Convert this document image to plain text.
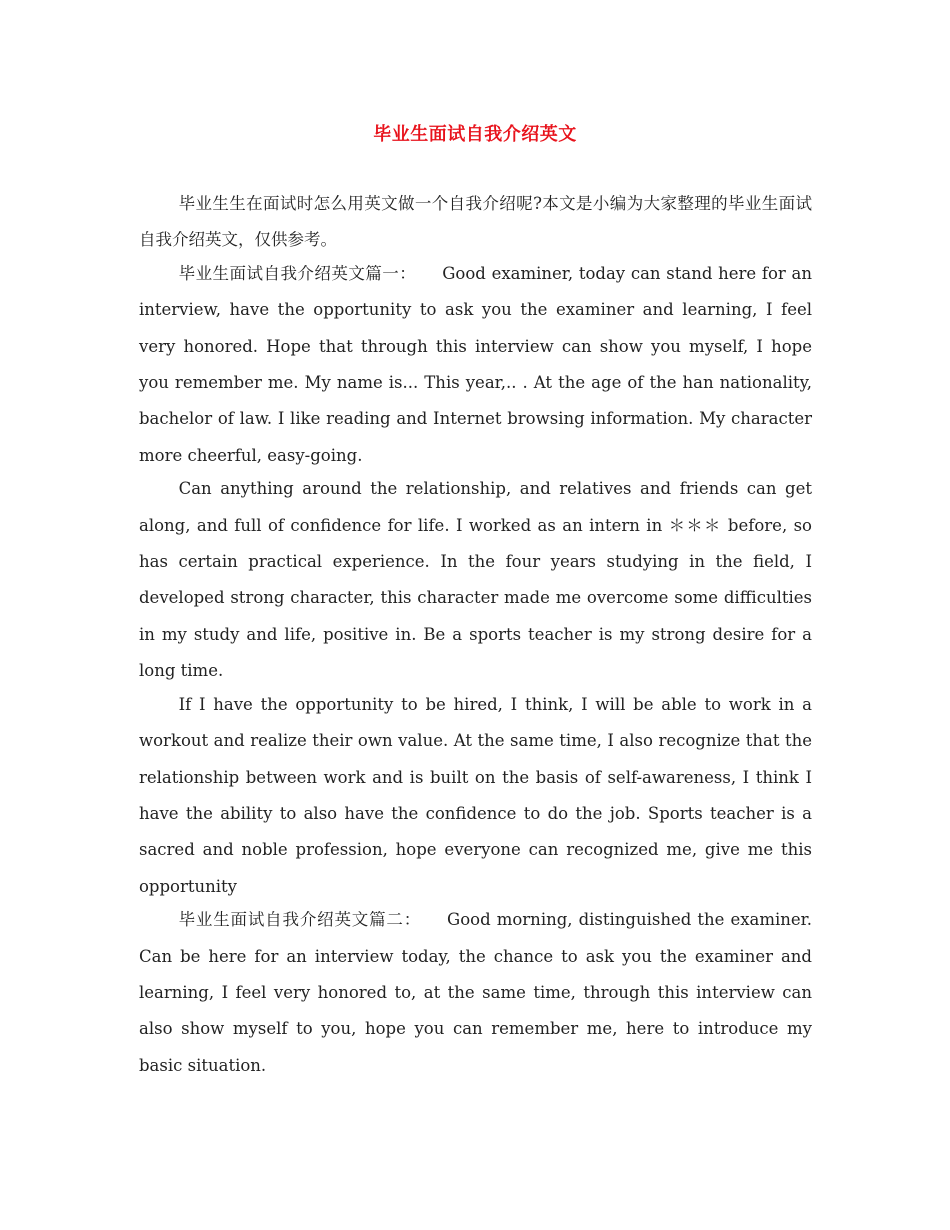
毕业生面试自我介绍英文

毕业生生在面试时怎么用英文做一个自我介绍呢?本文是小编为大家整理的毕业生面试自我介绍英文，仅供参考。

毕业生面试自我介绍英文篇一： Good examiner, today can stand here for an interview, have the opportunity to ask you the examiner and learning, I feel very honored. Hope that through this interview can show you myself, I hope you remember me. My name is... This year,.. . At the age of the han nationality, bachelor of law. I like reading and Internet browsing information. My character more cheerful, easy-going.

Can anything around the relationship, and relatives and friends can get along, and full of confidence for life. I worked as an intern in ＊＊＊ before, so has certain practical experience. In the four years studying in the field, I developed strong character, this character made me overcome some difficulties in my study and life, positive in. Be a sports teacher is my strong desire for a long time.

If I have the opportunity to be hired, I think, I will be able to work in a workout and realize their own value. At the same time, I also recognize that the relationship between work and is built on the basis of self-awareness, I think I have the ability to also have the confidence to do the job. Sports teacher is a sacred and noble profession, hope everyone can recognized me, give me this opportunity

毕业生面试自我介绍英文篇二： Good morning, distinguished the examiner. Can be here for an interview today, the chance to ask you the examiner and learning, I feel very honored to, at the same time, through this interview can also show myself to you, hope you can remember me, here to introduce my basic situation.
